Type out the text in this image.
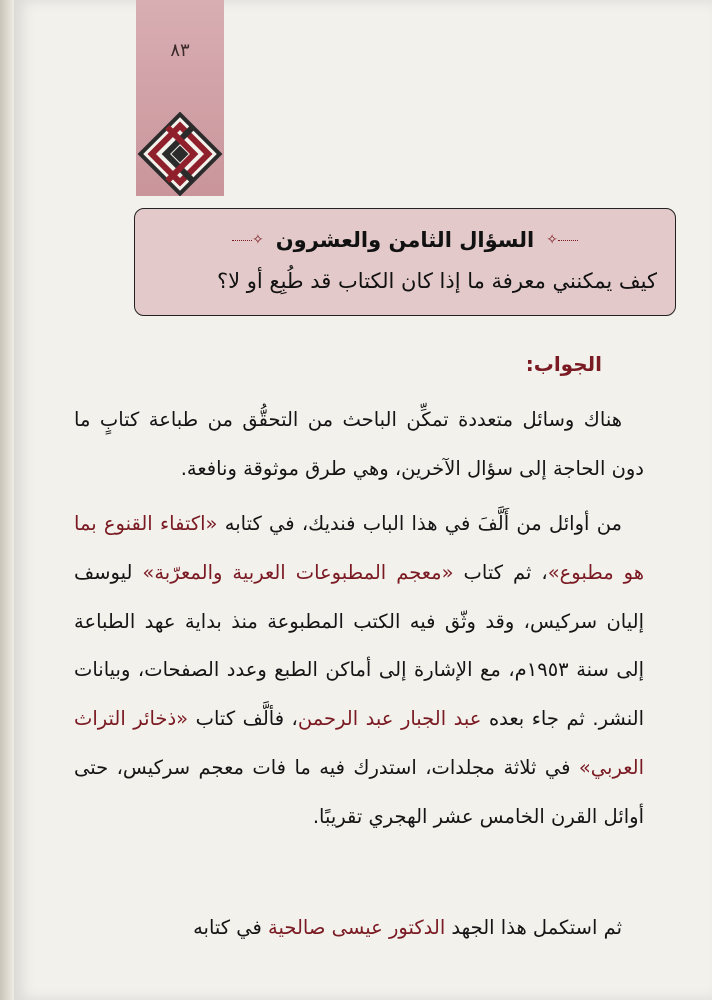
٨٣
✧ السؤال الثامن والعشرون ✧
كيف يمكنني معرفة ما إذا كان الكتاب قد طُبِع أو لا؟
الجواب:

هناك وسائل متعددة تمكِّن الباحث من التحقُّق من طباعة كتابٍ ما دون الحاجة إلى سؤال الآخرين، وهي طرق موثوقة ونافعة.

من أوائل من أَلَّفَ في هذا الباب فنديك، في كتابه «اكتفاء القنوع بما هو مطبوع»، ثم كتاب «معجم المطبوعات العربية والمعرّبة» ليوسف إليان سركيس، وقد وثّق فيه الكتب المطبوعة منذ بداية عهد الطباعة إلى سنة ١٩٥٣م، مع الإشارة إلى أماكن الطبع وعدد الصفحات، وبيانات النشر. ثم جاء بعده عبد الجبار عبد الرحمن، فألَّف كتاب «ذخائر التراث العربي» في ثلاثة مجلدات، استدرك فيه ما فات معجم سركيس، حتى أوائل القرن الخامس عشر الهجري تقريبًا.

ثم استكمل هذا الجهد الدكتور عيسى صالحية في كتابه
